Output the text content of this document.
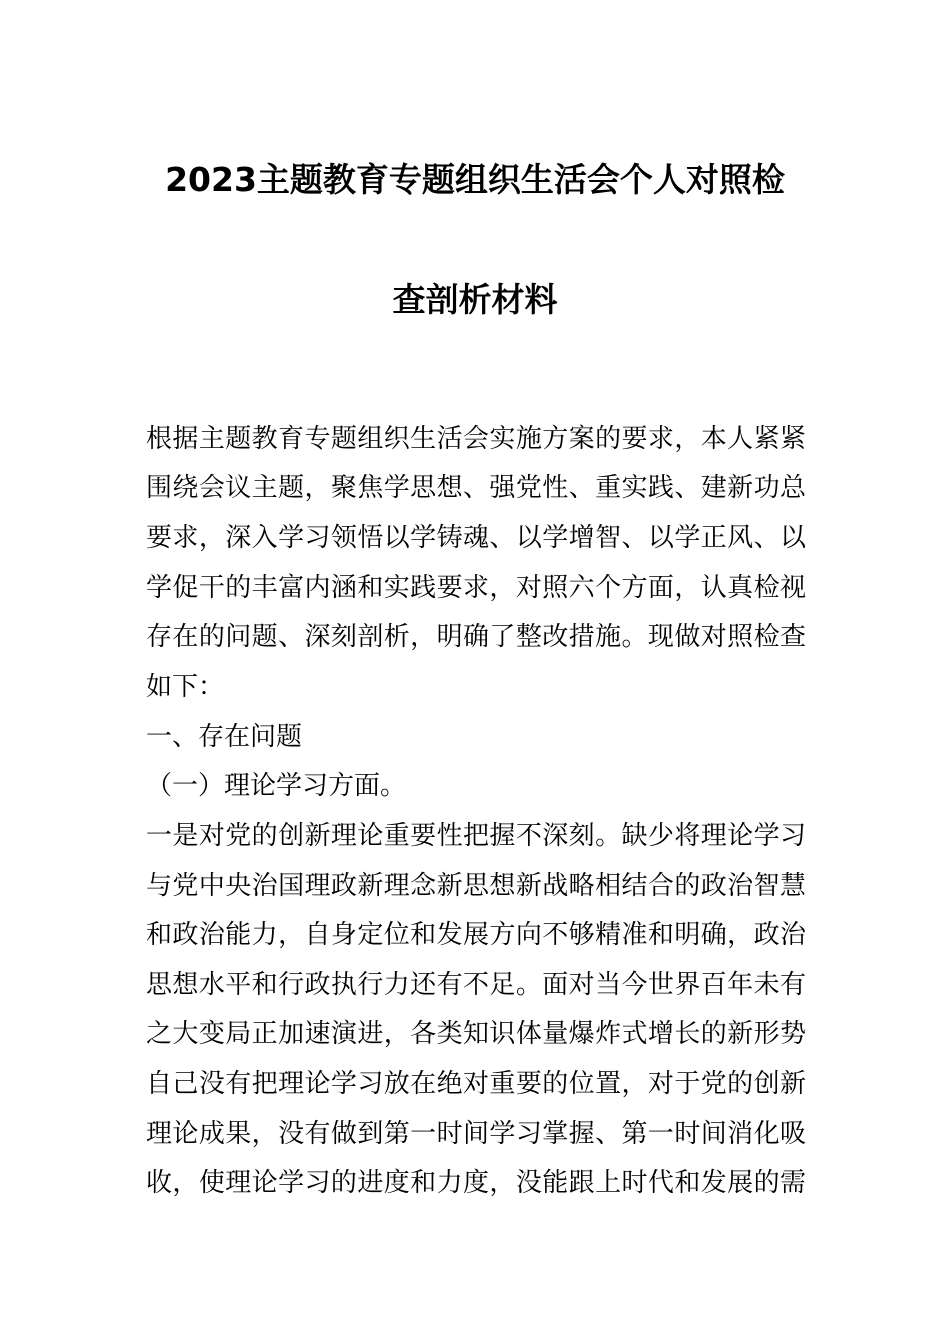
2023主题教育专题组织生活会个人对照检
查剖析材料
根据主题教育专题组织生活会实施方案的要求，本人紧紧
围绕会议主题，聚焦学思想、强党性、重实践、建新功总
要求，深入学习领悟以学铸魂、以学增智、以学正风、以
学促干的丰富内涵和实践要求，对照六个方面，认真检视
存在的问题、深刻剖析，明确了整改措施。现做对照检查
如下：
一、存在问题
（一）理论学习方面。
一是对党的创新理论重要性把握不深刻。缺少将理论学习
与党中央治国理政新理念新思想新战略相结合的政治智慧
和政治能力，自身定位和发展方向不够精准和明确，政治
思想水平和行政执行力还有不足。面对当今世界百年未有
之大变局正加速演进，各类知识体量爆炸式增长的新形势
自己没有把理论学习放在绝对重要的位置，对于党的创新
理论成果，没有做到第一时间学习掌握、第一时间消化吸
收，使理论学习的进度和力度，没能跟上时代和发展的需
